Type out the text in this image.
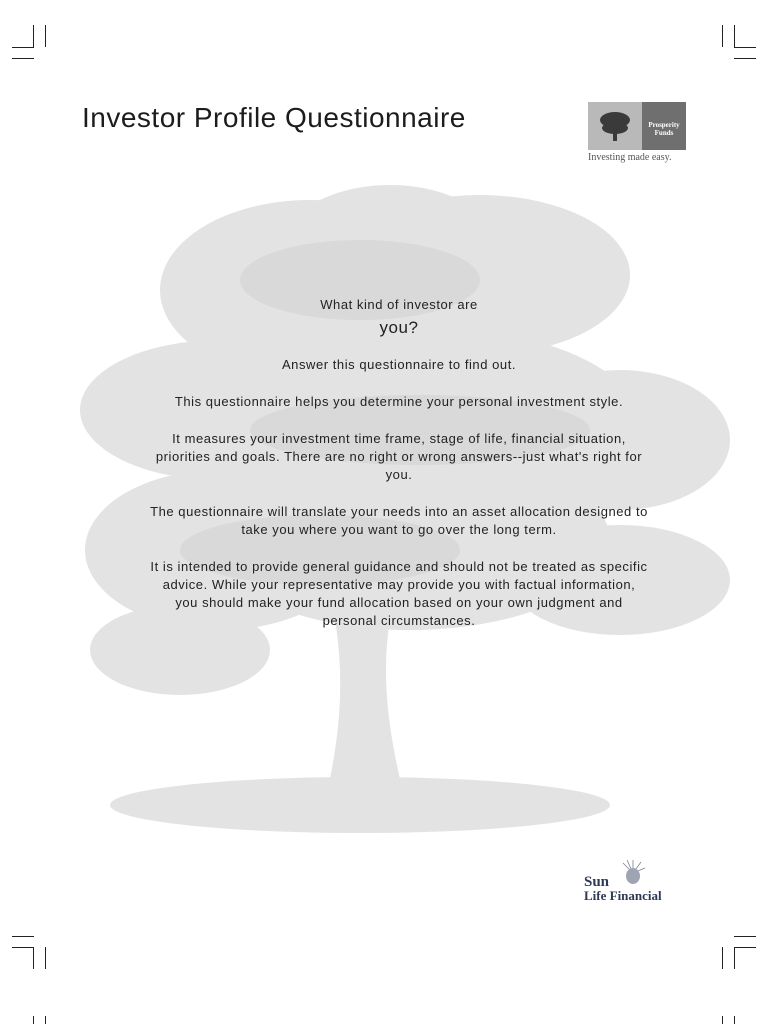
Investor Profile Questionnaire
	Prosperity Funds
Investing made easy.

What kind of investor are

you?

Answer this questionnaire to find out.

This questionnaire helps you determine your personal investment style.

It measures your investment time frame, stage of life, financial situation, priorities and goals. There are no right or wrong answers--just what's right for you.

The questionnaire will translate your needs into an asset allocation designed to take you where you want to go over the long term.

It is intended to provide general guidance and should not be treated as specific advice. While your representative may provide you with factual information, you should make your fund allocation based on your own judgment and personal circumstances.

Sun
Life Financial
